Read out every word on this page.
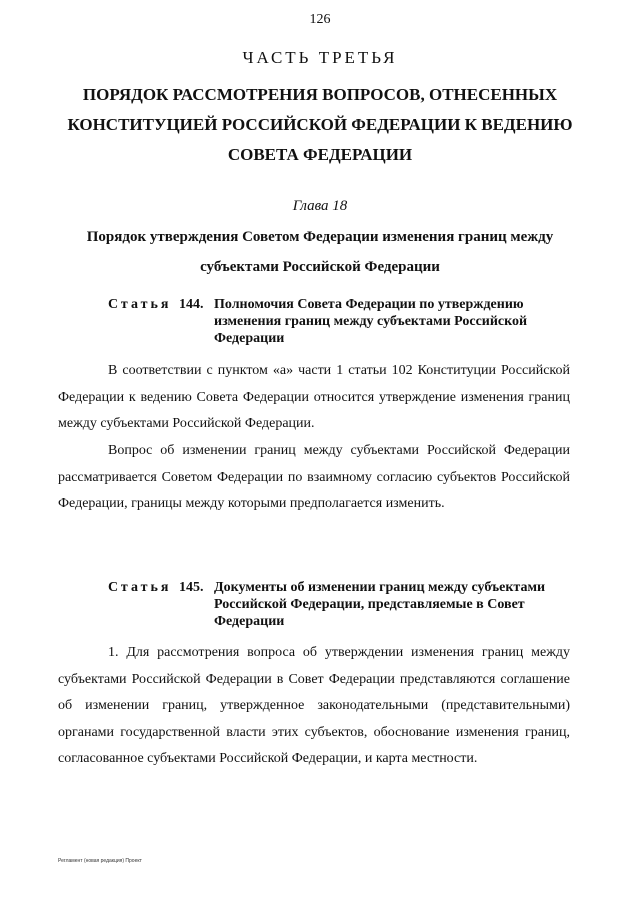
126
ЧАСТЬ ТРЕТЬЯ
ПОРЯДОК РАССМОТРЕНИЯ ВОПРОСОВ, ОТНЕСЕННЫХ КОНСТИТУЦИЕЙ РОССИЙСКОЙ ФЕДЕРАЦИИ К ВЕДЕНИЮ СОВЕТА ФЕДЕРАЦИИ
Глава 18
Порядок утверждения Советом Федерации изменения границ между субъектами Российской Федерации
Статья 144. Полномочия Совета Федерации по утверждению изменения границ между субъектами Российской Федерации

В соответствии с пунктом «а» части 1 статьи 102 Конституции Российской Федерации к ведению Совета Федерации относится утверждение изменения границ между субъектами Российской Федерации.

Вопрос об изменении границ между субъектами Российской Федерации рассматривается Советом Федерации по взаимному согласию субъектов Российской Федерации, границы между которыми предполагается изменить.

Статья 145. Документы об изменении границ между субъектами Российской Федерации, представляемые в Совет Федерации

1. Для рассмотрения вопроса об утверждении изменения границ между субъектами Российской Федерации в Совет Федерации представляются соглашение об изменении границ, утвержденное законодательными (представительными) органами государственной власти этих субъектов, обоснование изменения границ, согласованное субъектами Российской Федерации, и карта местности.

Регламент (новая редакция) Проект
